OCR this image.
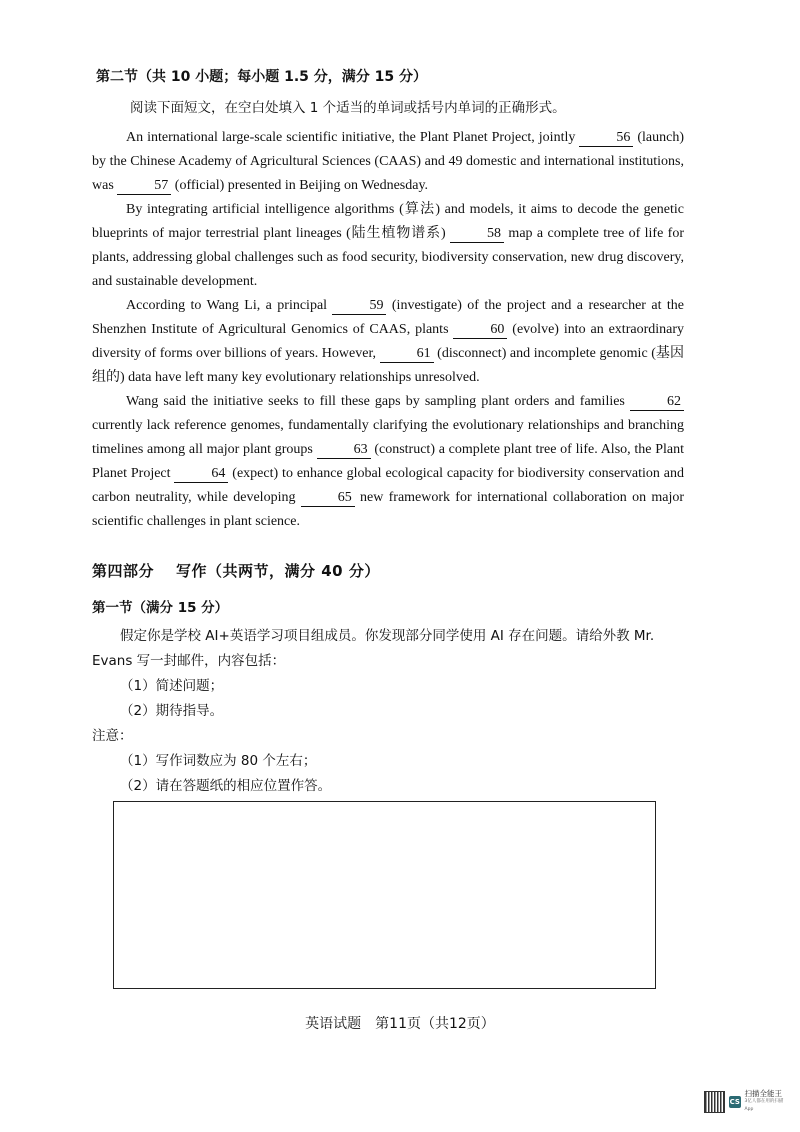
第二节（共 10 小题；每小题 1.5 分，满分 15 分）
阅读下面短文，在空白处填入 1 个适当的单词或括号内单词的正确形式。

An international large-scale scientific initiative, the Plant Planet Project, jointly	56 (launch) by the Chinese Academy of Agricultural Sciences (CAAS) and 49 domestic and international institutions, was	57 (official) presented in Beijing on Wednesday.

By integrating artificial intelligence algorithms (算法) and models, it aims to decode the genetic blueprints of major terrestrial plant lineages (陆生植物谱系)	58 map a complete tree of life for plants, addressing global challenges such as food security, biodiversity conservation, new drug discovery, and sustainable development.

According to Wang Li, a principal	59 (investigate) of the project and a researcher at the Shenzhen Institute of Agricultural Genomics of CAAS, plants	60 (evolve) into an extraordinary diversity of forms over billions of years. However,	61 (disconnect) and incomplete genomic (基因组的) data have left many key evolutionary relationships unresolved.

Wang said the initiative seeks to fill these gaps by sampling plant orders and families	62 currently lack reference genomes, fundamentally clarifying the evolutionary relationships and branching timelines among all major plant groups	63 (construct) a complete plant tree of life. Also, the Plant Planet Project	64 (expect) to enhance global ecological capacity for biodiversity conservation and carbon neutrality, while developing	65 new framework for international collaboration on major scientific challenges in plant science.

第四部分 写作（共两节，满分 40 分）
第一节（满分 15 分）
假定你是学校 AI+英语学习项目组成员。你发现部分同学使用 AI 存在问题。请给外教 Mr. Evans 写一封邮件，内容包括：
（1）简述问题；
（2）期待指导。
注意：
（1）写作词数应为 80 个左右；
（2）请在答题纸的相应位置作答。
英语试题　第11页（共12页）
CS
扫描全能王
3亿人都在用的扫描App
